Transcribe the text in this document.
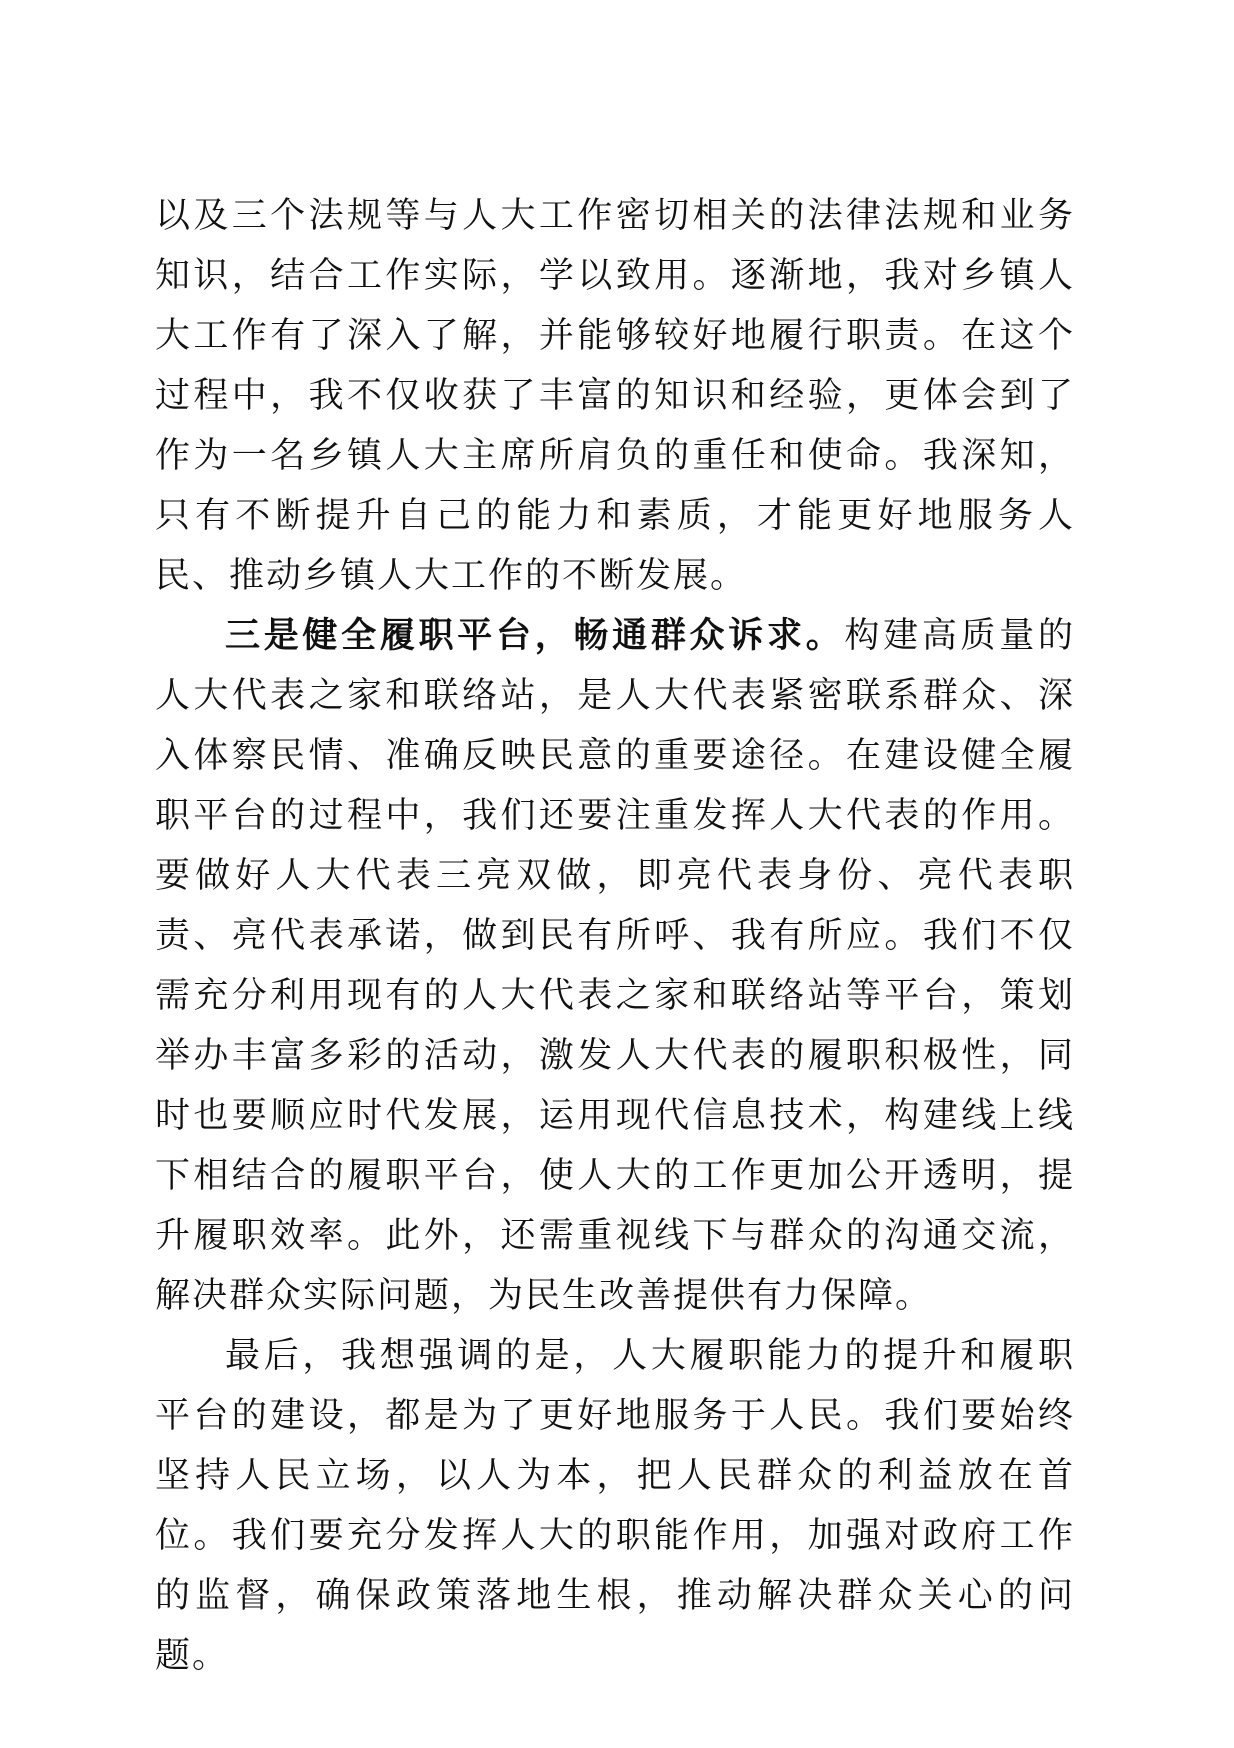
以及三个法规等与人大工作密切相关的法律法规和业务知识，结合工作实际，学以致用。逐渐地，我对乡镇人大工作有了深入了解，并能够较好地履行职责。在这个过程中，我不仅收获了丰富的知识和经验，更体会到了作为一名乡镇人大主席所肩负的重任和使命。我深知，只有不断提升自己的能力和素质，才能更好地服务人民、推动乡镇人大工作的不断发展。

三是健全履职平台，畅通群众诉求。构建高质量的人大代表之家和联络站，是人大代表紧密联系群众、深入体察民情、准确反映民意的重要途径。在建设健全履职平台的过程中，我们还要注重发挥人大代表的作用。要做好人大代表三亮双做，即亮代表身份、亮代表职责、亮代表承诺，做到民有所呼、我有所应。我们不仅需充分利用现有的人大代表之家和联络站等平台，策划举办丰富多彩的活动，激发人大代表的履职积极性，同时也要顺应时代发展，运用现代信息技术，构建线上线下相结合的履职平台，使人大的工作更加公开透明，提升履职效率。此外，还需重视线下与群众的沟通交流，解决群众实际问题，为民生改善提供有力保障。

最后，我想强调的是，人大履职能力的提升和履职平台的建设，都是为了更好地服务于人民。我们要始终坚持人民立场，以人为本，把人民群众的利益放在首位。我们要充分发挥人大的职能作用，加强对政府工作的监督，确保政策落地生根，推动解决群众关心的问题。
